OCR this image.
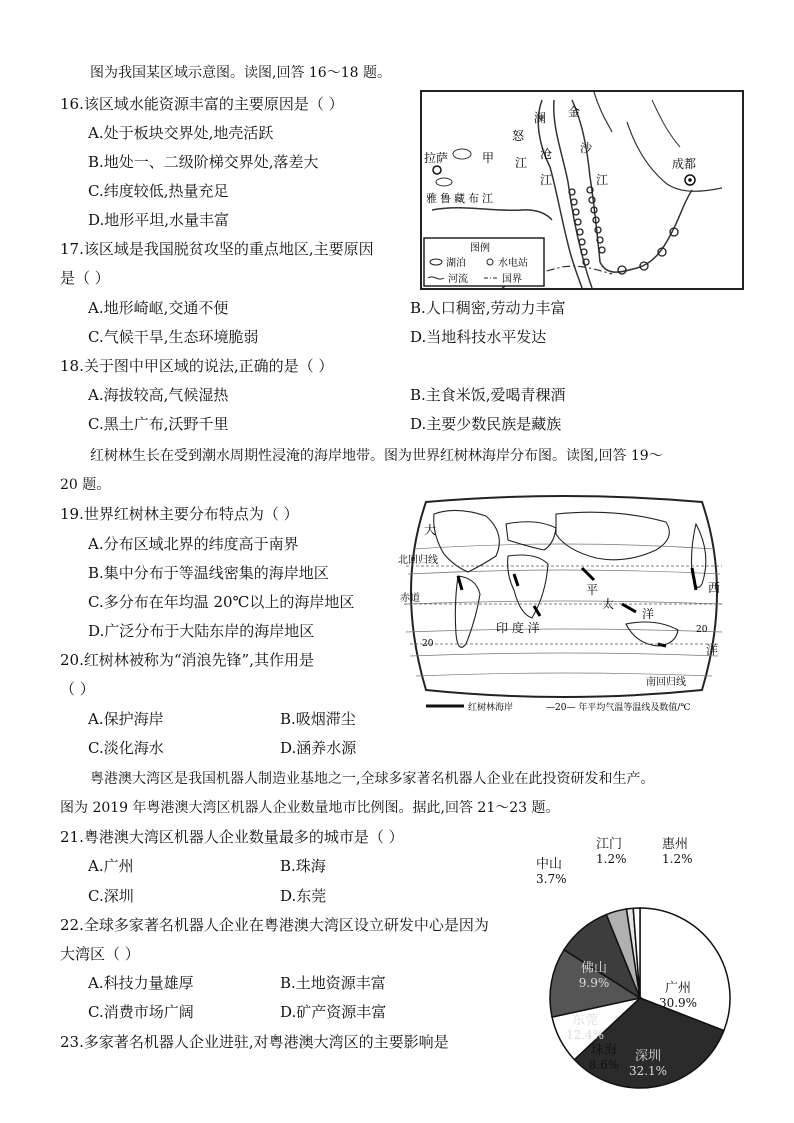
图为我国某区域示意图。读图,回答 16～18 题。
16.该区域水能资源丰富的主要原因是（ ）
A.处于板块交界处,地壳活跃
B.地处一、二级阶梯交界处,落差大
C.纬度较低,热量充足
D.地形平坦,水量丰富
17.该区域是我国脱贫攻坚的重点地区,主要原因
是（ ）
A.地形崎岖,交通不便	B.人口稠密,劳动力丰富
C.气候干旱,生态环境脆弱	D.当地科技水平发达
18.关于图中甲区域的说法,正确的是（ ）
A.海拔较高,气候湿热	B.主食米饭,爱喝青稞酒
C.黑土广布,沃野千里	D.主要少数民族是藏族
拉萨	甲
雅鲁藏布江
怒
江
澜
沧
江
金
沙
江
成都
图例
湖泊	水电站
河流	国界
红树林生长在受到潮水周期性浸淹的海岸地带。图为世界红树林海岸分布图。读图,回答 19～
20 题。
19.世界红树林主要分布特点为（ ）
A.分布区域北界的纬度高于南界
B.集中分布于等温线密集的海岸地区
C.多分布在年均温 20℃以上的海岸地区
D.广泛分布于大陆东岸的海岸地区
20.红树林被称为“消浪先锋”,其作用是
（ ）
A.保护海岸	B.吸烟滞尘
C.淡化海水	D.涵养水源
北回归线
赤道
南回归线
大
平
太
洋
西
洋
印 度 洋	20
20
红树林海岸	—20— 年平均气温等温线及数值/℃
粤港澳大湾区是我国机器人制造业基地之一,全球多家著名机器人企业在此投资研发和生产。
图为 2019 年粤港澳大湾区机器人企业数量地市比例图。据此,回答 21～23 题。
21.粤港澳大湾区机器人企业数量最多的城市是（ ）
A.广州	B.珠海
C.深圳	D.东莞
22.全球多家著名机器人企业在粤港澳大湾区设立研发中心是因为
大湾区（ ）
A.科技力量雄厚	B.土地资源丰富
C.消费市场广阔	D.矿产资源丰富
23.多家著名机器人企业进驻,对粤港澳大湾区的主要影响是
广州
30.9%
深圳
32.1%
珠海
8.6%
东莞
12.4%
佛山
9.9%
中山
3.7%
江门
1.2%
惠州
1.2%
